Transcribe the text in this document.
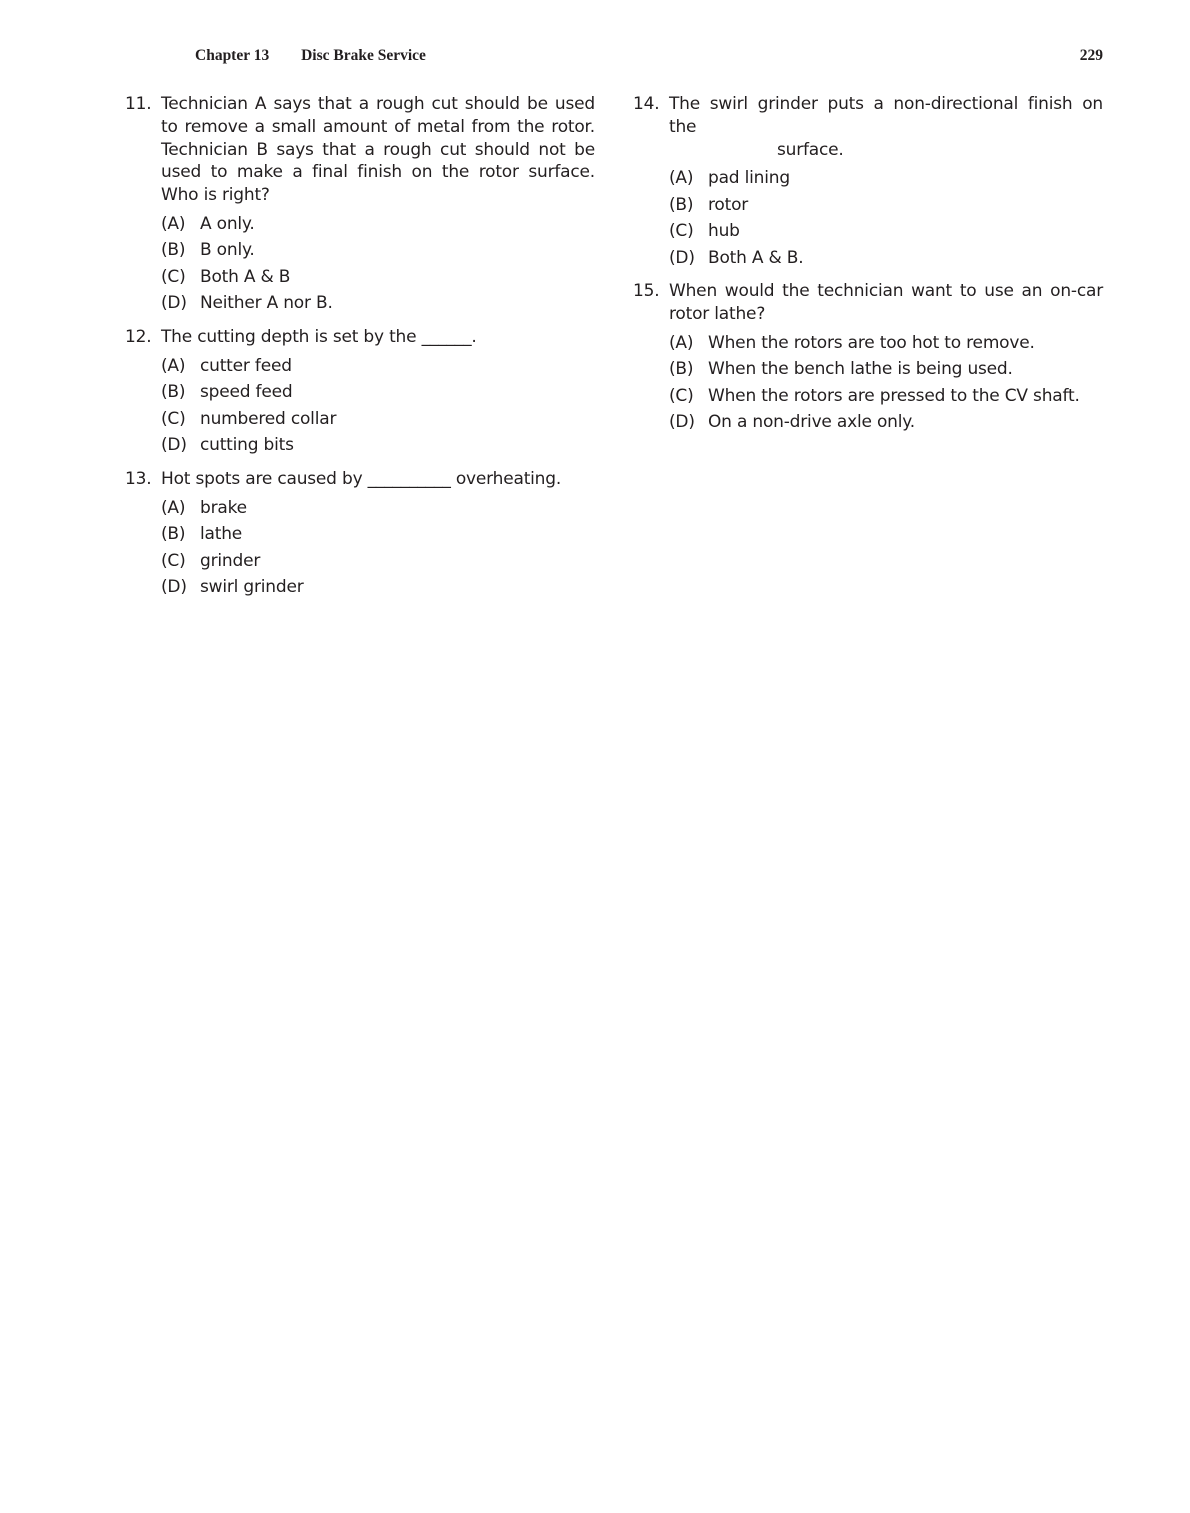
Chapter 13 Disc Brake Service	229
11. Technician A says that a rough cut should be used to remove a small amount of metal from the rotor. Technician B says that a rough cut should not be used to make a final finish on the rotor surface. Who is right?
(A) A only.
(B) B only.
(C) Both A & B
(D) Neither A nor B.
12. The cutting depth is set by the ______.
(A) cutter feed
(B) speed feed
(C) numbered collar
(D) cutting bits
13. Hot spots are caused by __________ overheating.
(A) brake
(B) lathe
(C) grinder
(D) swirl grinder
14. The swirl grinder puts a non-directional finish on the
surface.
(A) pad lining
(B) rotor
(C) hub
(D) Both A & B.
15. When would the technician want to use an on-car rotor lathe?
(A) When the rotors are too hot to remove.
(B) When the bench lathe is being used.
(C) When the rotors are pressed to the CV shaft.
(D) On a non-drive axle only.
